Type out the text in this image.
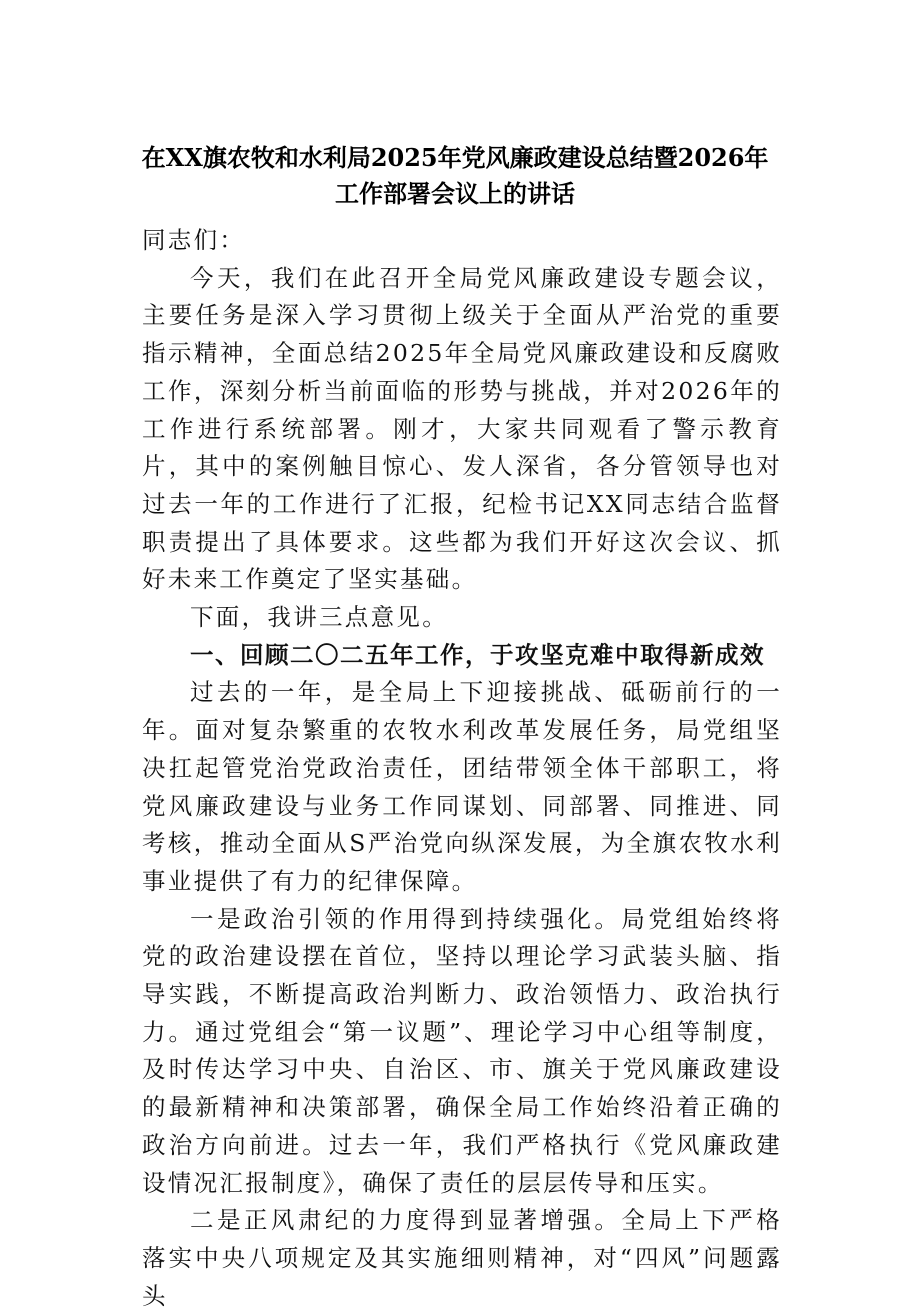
在XX旗农牧和水利局2025年党风廉政建设总结暨2026年
工作部署会议上的讲话

同志们：

今天，我们在此召开全局党风廉政建设专题会议，主要任务是深入学习贯彻上级关于全面从严治党的重要指示精神，全面总结2025年全局党风廉政建设和反腐败工作，深刻分析当前面临的形势与挑战，并对2026年的工作进行系统部署。刚才，大家共同观看了警示教育片，其中的案例触目惊心、发人深省，各分管领导也对过去一年的工作进行了汇报，纪检书记XX同志结合监督职责提出了具体要求。这些都为我们开好这次会议、抓好未来工作奠定了坚实基础。

下面，我讲三点意见。

一、回顾二〇二五年工作，于攻坚克难中取得新成效

过去的一年，是全局上下迎接挑战、砥砺前行的一年。面对复杂繁重的农牧水利改革发展任务，局党组坚决扛起管党治党政治责任，团结带领全体干部职工，将党风廉政建设与业务工作同谋划、同部署、同推进、同考核，推动全面从S严治党向纵深发展，为全旗农牧水利事业提供了有力的纪律保障。

一是政治引领的作用得到持续强化。局党组始终将党的政治建设摆在首位，坚持以理论学习武装头脑、指导实践，不断提高政治判断力、政治领悟力、政治执行力。通过党组会“第一议题”、理论学习中心组等制度，及时传达学习中央、自治区、市、旗关于党风廉政建设的最新精神和决策部署，确保全局工作始终沿着正确的政治方向前进。过去一年，我们严格执行《党风廉政建设情况汇报制度》，确保了责任的层层传导和压实。

二是正风肃纪的力度得到显著增强。全局上下严格落实中央八项规定及其实施细则精神，对“四风”问题露头
